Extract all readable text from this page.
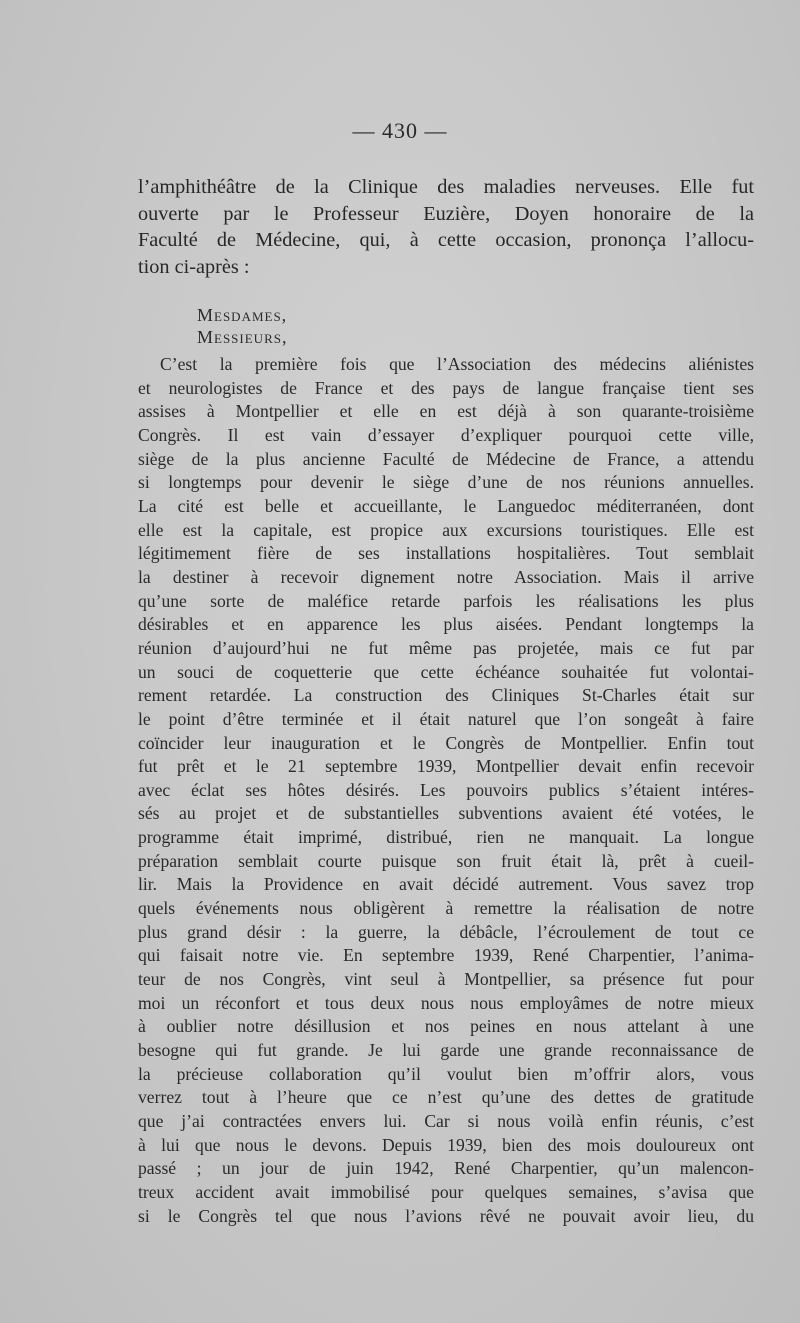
— 430 —
l’amphithéâtre de la Clinique des maladies nerveuses. Elle fut
ouverte par le Professeur Euzière, Doyen honoraire de la
Faculté de Médecine, qui, à cette occasion, prononça l’allocu-
tion ci-après :
Mesdames,
Messieurs,
C’est la première fois que l’Association des médecins aliénistes
et neurologistes de France et des pays de langue française tient ses
assises à Montpellier et elle en est déjà à son quarante-troisième
Congrès. Il est vain d’essayer d’expliquer pourquoi cette ville,
siège de la plus ancienne Faculté de Médecine de France, a attendu
si longtemps pour devenir le siège d’une de nos réunions annuelles.
La cité est belle et accueillante, le Languedoc méditerranéen, dont
elle est la capitale, est propice aux excursions touristiques. Elle est
légitimement fière de ses installations hospitalières. Tout semblait
la destiner à recevoir dignement notre Association. Mais il arrive
qu’une sorte de maléfice retarde parfois les réalisations les plus
désirables et en apparence les plus aisées. Pendant longtemps la
réunion d’aujourd’hui ne fut même pas projetée, mais ce fut par
un souci de coquetterie que cette échéance souhaitée fut volontai-
rement retardée. La construction des Cliniques St-Charles était sur
le point d’être terminée et il était naturel que l’on songeât à faire
coïncider leur inauguration et le Congrès de Montpellier. Enfin tout
fut prêt et le 21 septembre 1939, Montpellier devait enfin recevoir
avec éclat ses hôtes désirés. Les pouvoirs publics s’étaient intéres-
sés au projet et de substantielles subventions avaient été votées, le
programme était imprimé, distribué, rien ne manquait. La longue
préparation semblait courte puisque son fruit était là, prêt à cueil-
lir. Mais la Providence en avait décidé autrement. Vous savez trop
quels événements nous obligèrent à remettre la réalisation de notre
plus grand désir : la guerre, la débâcle, l’écroulement de tout ce
qui faisait notre vie. En septembre 1939, René Charpentier, l’anima-
teur de nos Congrès, vint seul à Montpellier, sa présence fut pour
moi un réconfort et tous deux nous nous employâmes de notre mieux
à oublier notre désillusion et nos peines en nous attelant à une
besogne qui fut grande. Je lui garde une grande reconnaissance de
la précieuse collaboration qu’il voulut bien m’offrir alors, vous
verrez tout à l’heure que ce n’est qu’une des dettes de gratitude
que j’ai contractées envers lui. Car si nous voilà enfin réunis, c’est
à lui que nous le devons. Depuis 1939, bien des mois douloureux ont
passé ; un jour de juin 1942, René Charpentier, qu’un malencon-
treux accident avait immobilisé pour quelques semaines, s’avisa que
si le Congrès tel que nous l’avions rêvé ne pouvait avoir lieu, du
